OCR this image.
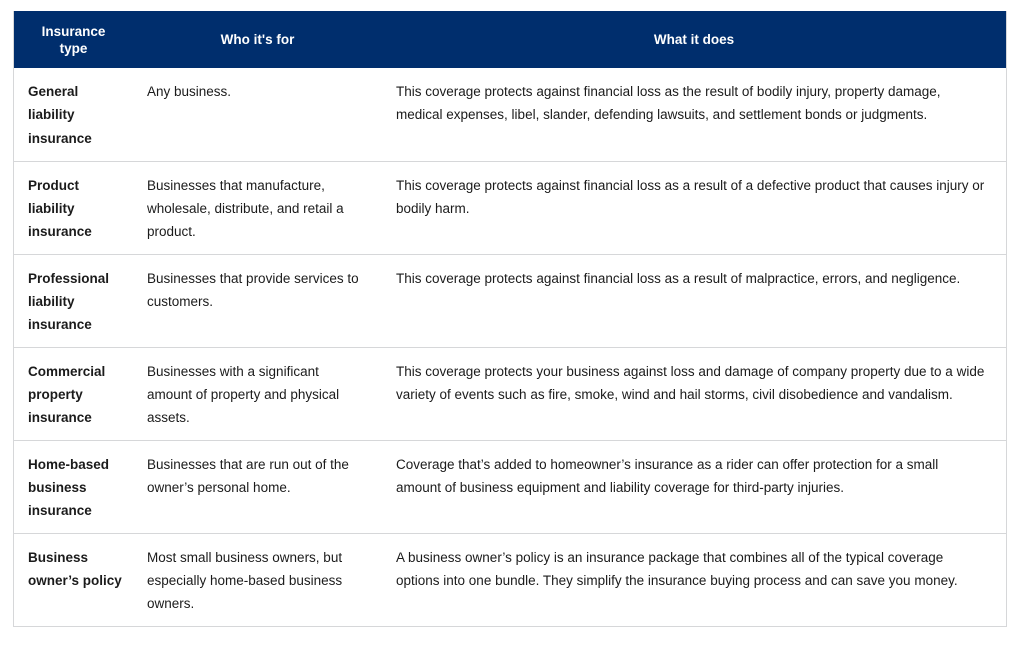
Insurance type	Who it's for	What it does
General liability insurance	Any business.	This coverage protects against financial loss as the result of bodily injury, property damage, medical expenses, libel, slander, defending lawsuits, and settlement bonds or judgments.
Product liability insurance	Businesses that manufacture, wholesale, distribute, and retail a product.	This coverage protects against financial loss as a result of a defective product that causes injury or bodily harm.
Professional liability insurance	Businesses that provide services to customers.	This coverage protects against financial loss as a result of malpractice, errors, and negligence.
Commercial property insurance	Businesses with a significant amount of property and physical assets.	This coverage protects your business against loss and damage of company property due to a wide variety of events such as fire, smoke, wind and hail storms, civil disobedience and vandalism.
Home-based business insurance	Businesses that are run out of the owner’s personal home.	Coverage that’s added to homeowner’s insurance as a rider can offer protection for a small amount of business equipment and liability coverage for third-party injuries.
Business owner’s policy	Most small business owners, but especially home-based business owners.	A business owner’s policy is an insurance package that combines all of the typical coverage options into one bundle. They simplify the insurance buying process and can save you money.
